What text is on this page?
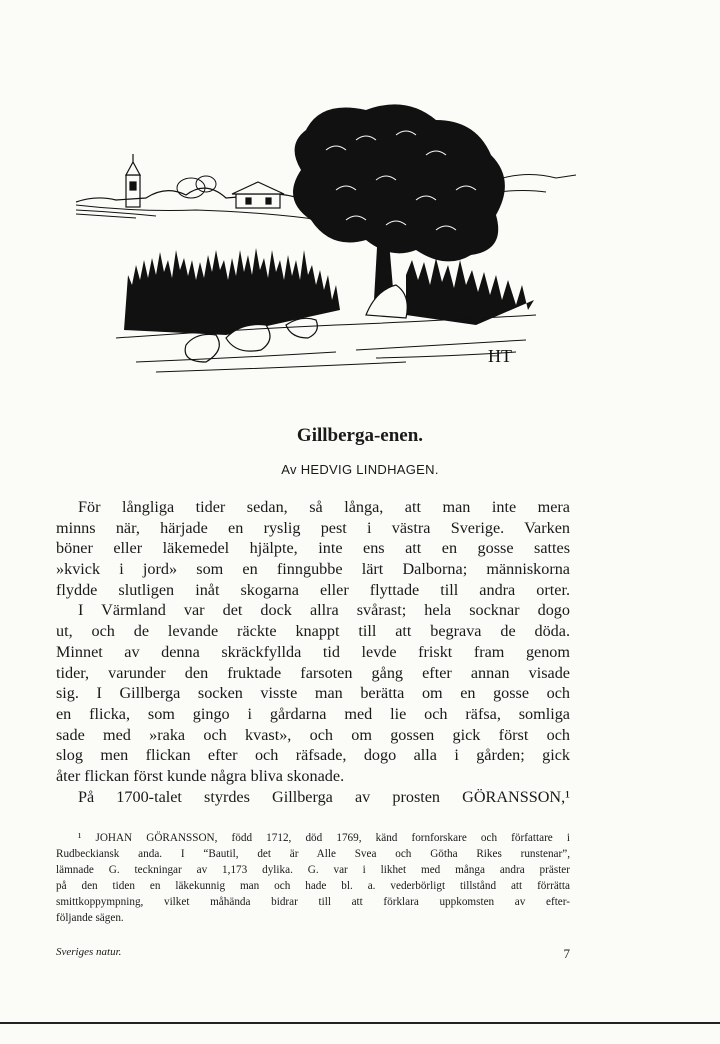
HT
Gillberga-enen.
Av HEDVIG LINDHAGEN.
För långliga tider sedan, så långa, att man inte mera
minns när, härjade en ryslig pest i västra Sverige. Varken
böner eller läkemedel hjälpte, inte ens att en gosse sattes
»kvick i jord» som en finngubbe lärt Dalborna; människorna
flydde slutligen inåt skogarna eller flyttade till andra orter.
I Värmland var det dock allra svårast; hela socknar dogo
ut, och de levande räckte knappt till att begrava de döda.
Minnet av denna skräckfyllda tid levde friskt fram genom
tider, varunder den fruktade farsoten gång efter annan visade
sig. I Gillberga socken visste man berätta om en gosse och
en flicka, som gingo i gårdarna med lie och räfsa, somliga
sade med »raka och kvast», och om gossen gick först och
slog men flickan efter och räfsade, dogo alla i gården; gick
åter flickan först kunde några bliva skonade.
På 1700-talet styrdes Gillberga av prosten GÖRANSSON,¹
¹ JOHAN GÖRANSSON, född 1712, död 1769, känd fornforskare och författare i
Rudbeckiansk anda. I “Bautil, det är Alle Svea och Götha Rikes runstenar”,
lämnade G. teckningar av 1,173 dylika. G. var i likhet med många andra präster
på den tiden en läkekunnig man och hade bl. a. vederbörligt tillstånd att förrätta
smittkoppympning, vilket måhända bidrar till att förklara uppkomsten av efter-
följande sägen.
Sveriges natur.	7
